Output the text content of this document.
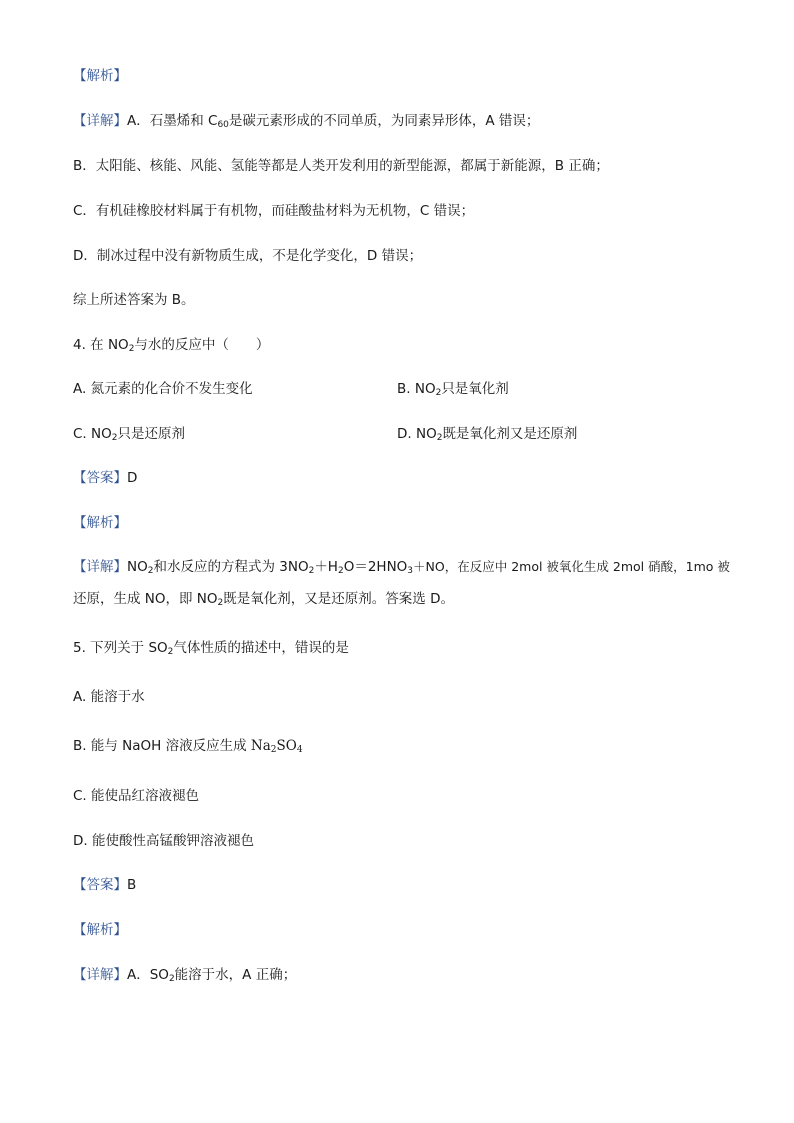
【解析】
【详解】A．石墨烯和 $C_{60}$是碳元素形成的不同单质，为同素异形体，A 错误；
B．太阳能、核能、风能、氢能等都是人类开发利用的新型能源，都属于新能源，B 正确；
C．有机硅橡胶材料属于有机物，而硅酸盐材料为无机物，C 错误；
D．制冰过程中没有新物质生成，不是化学变化，D 错误；
综上所述答案为 B。
4. 在 $NO_2$与水的反应中（　　）
A. 氮元素的化合价不发生变化	B. $NO_2$只是氧化剂
C. $NO_2$只是还原剂	D. $NO_2$既是氧化剂又是还原剂
【答案】D
【解析】
【详解】$NO_2$和水反应的方程式为 $3NO_2+H_2O=2HNO_3+NO$，在反应中 2mol 被氧化生成 2mol 硝酸，1mo 被
还原，生成 NO，即 $NO_2$既是氧化剂，又是还原剂。答案选 D。
5. 下列关于 $SO_2$气体性质的描述中，错误的是
A. 能溶于水
B. 能与 NaOH 溶液反应生成 $Na_2SO_4$
C. 能使品红溶液褪色
D. 能使酸性高锰酸钾溶液褪色
【答案】B
【解析】
【详解】A．$SO_2$能溶于水，A 正确；
